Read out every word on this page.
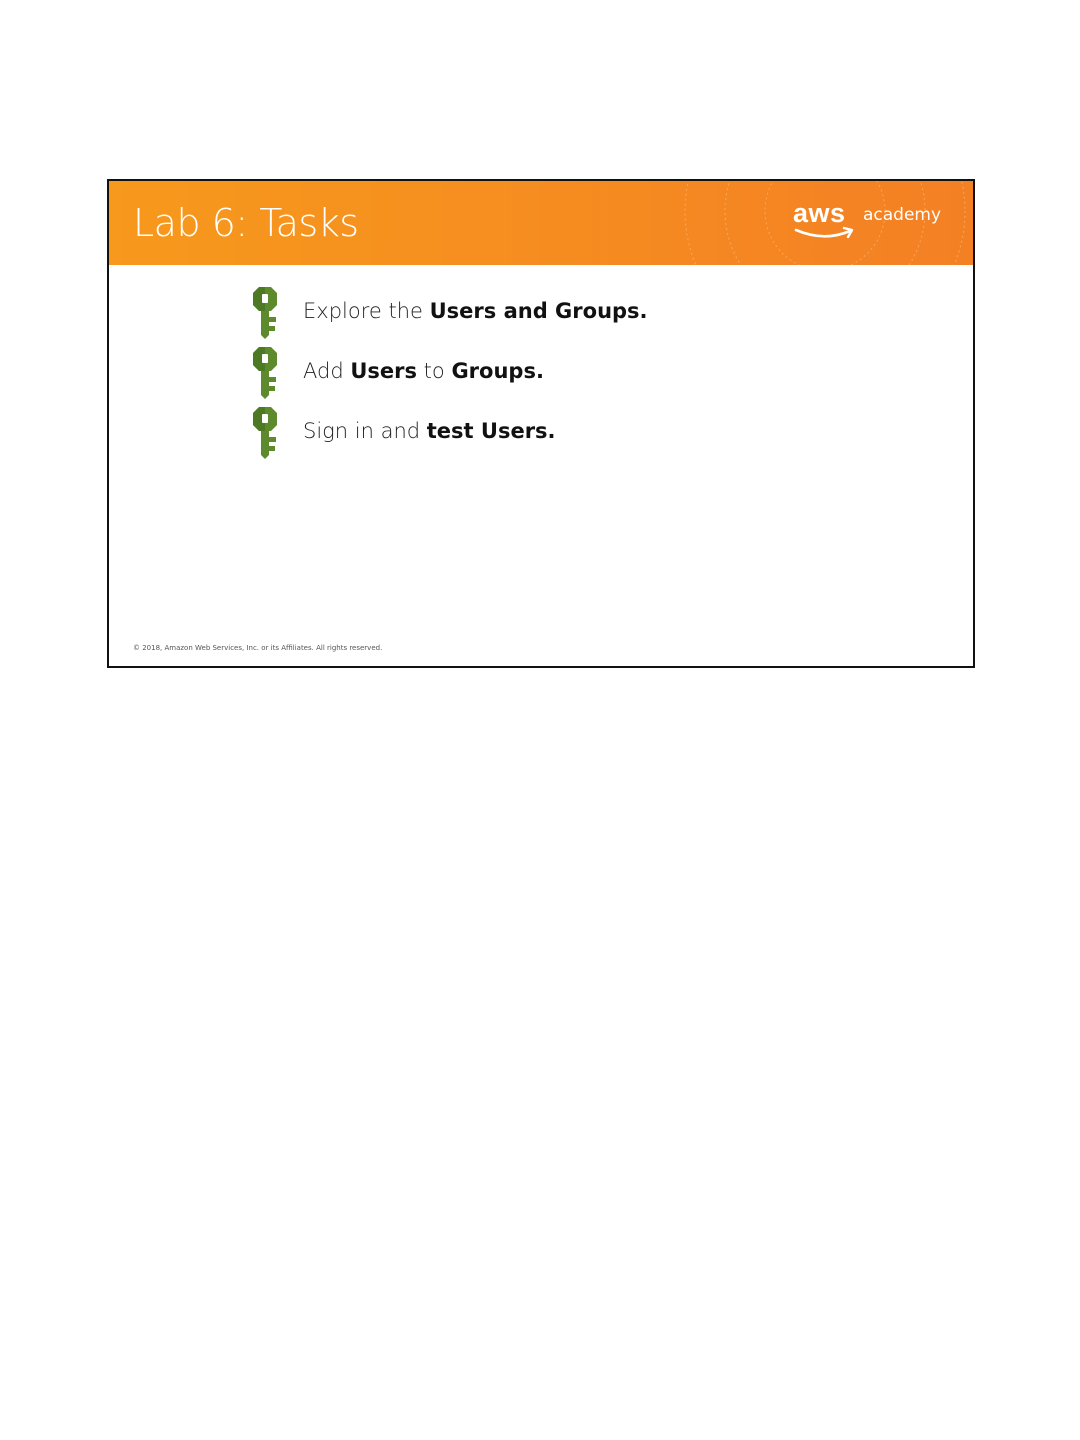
Lab 6: Tasks	aws academy
Explore the Users and Groups.
Add Users to Groups.
Sign in and test Users.
© 2018, Amazon Web Services, Inc. or its Affiliates. All rights reserved.
